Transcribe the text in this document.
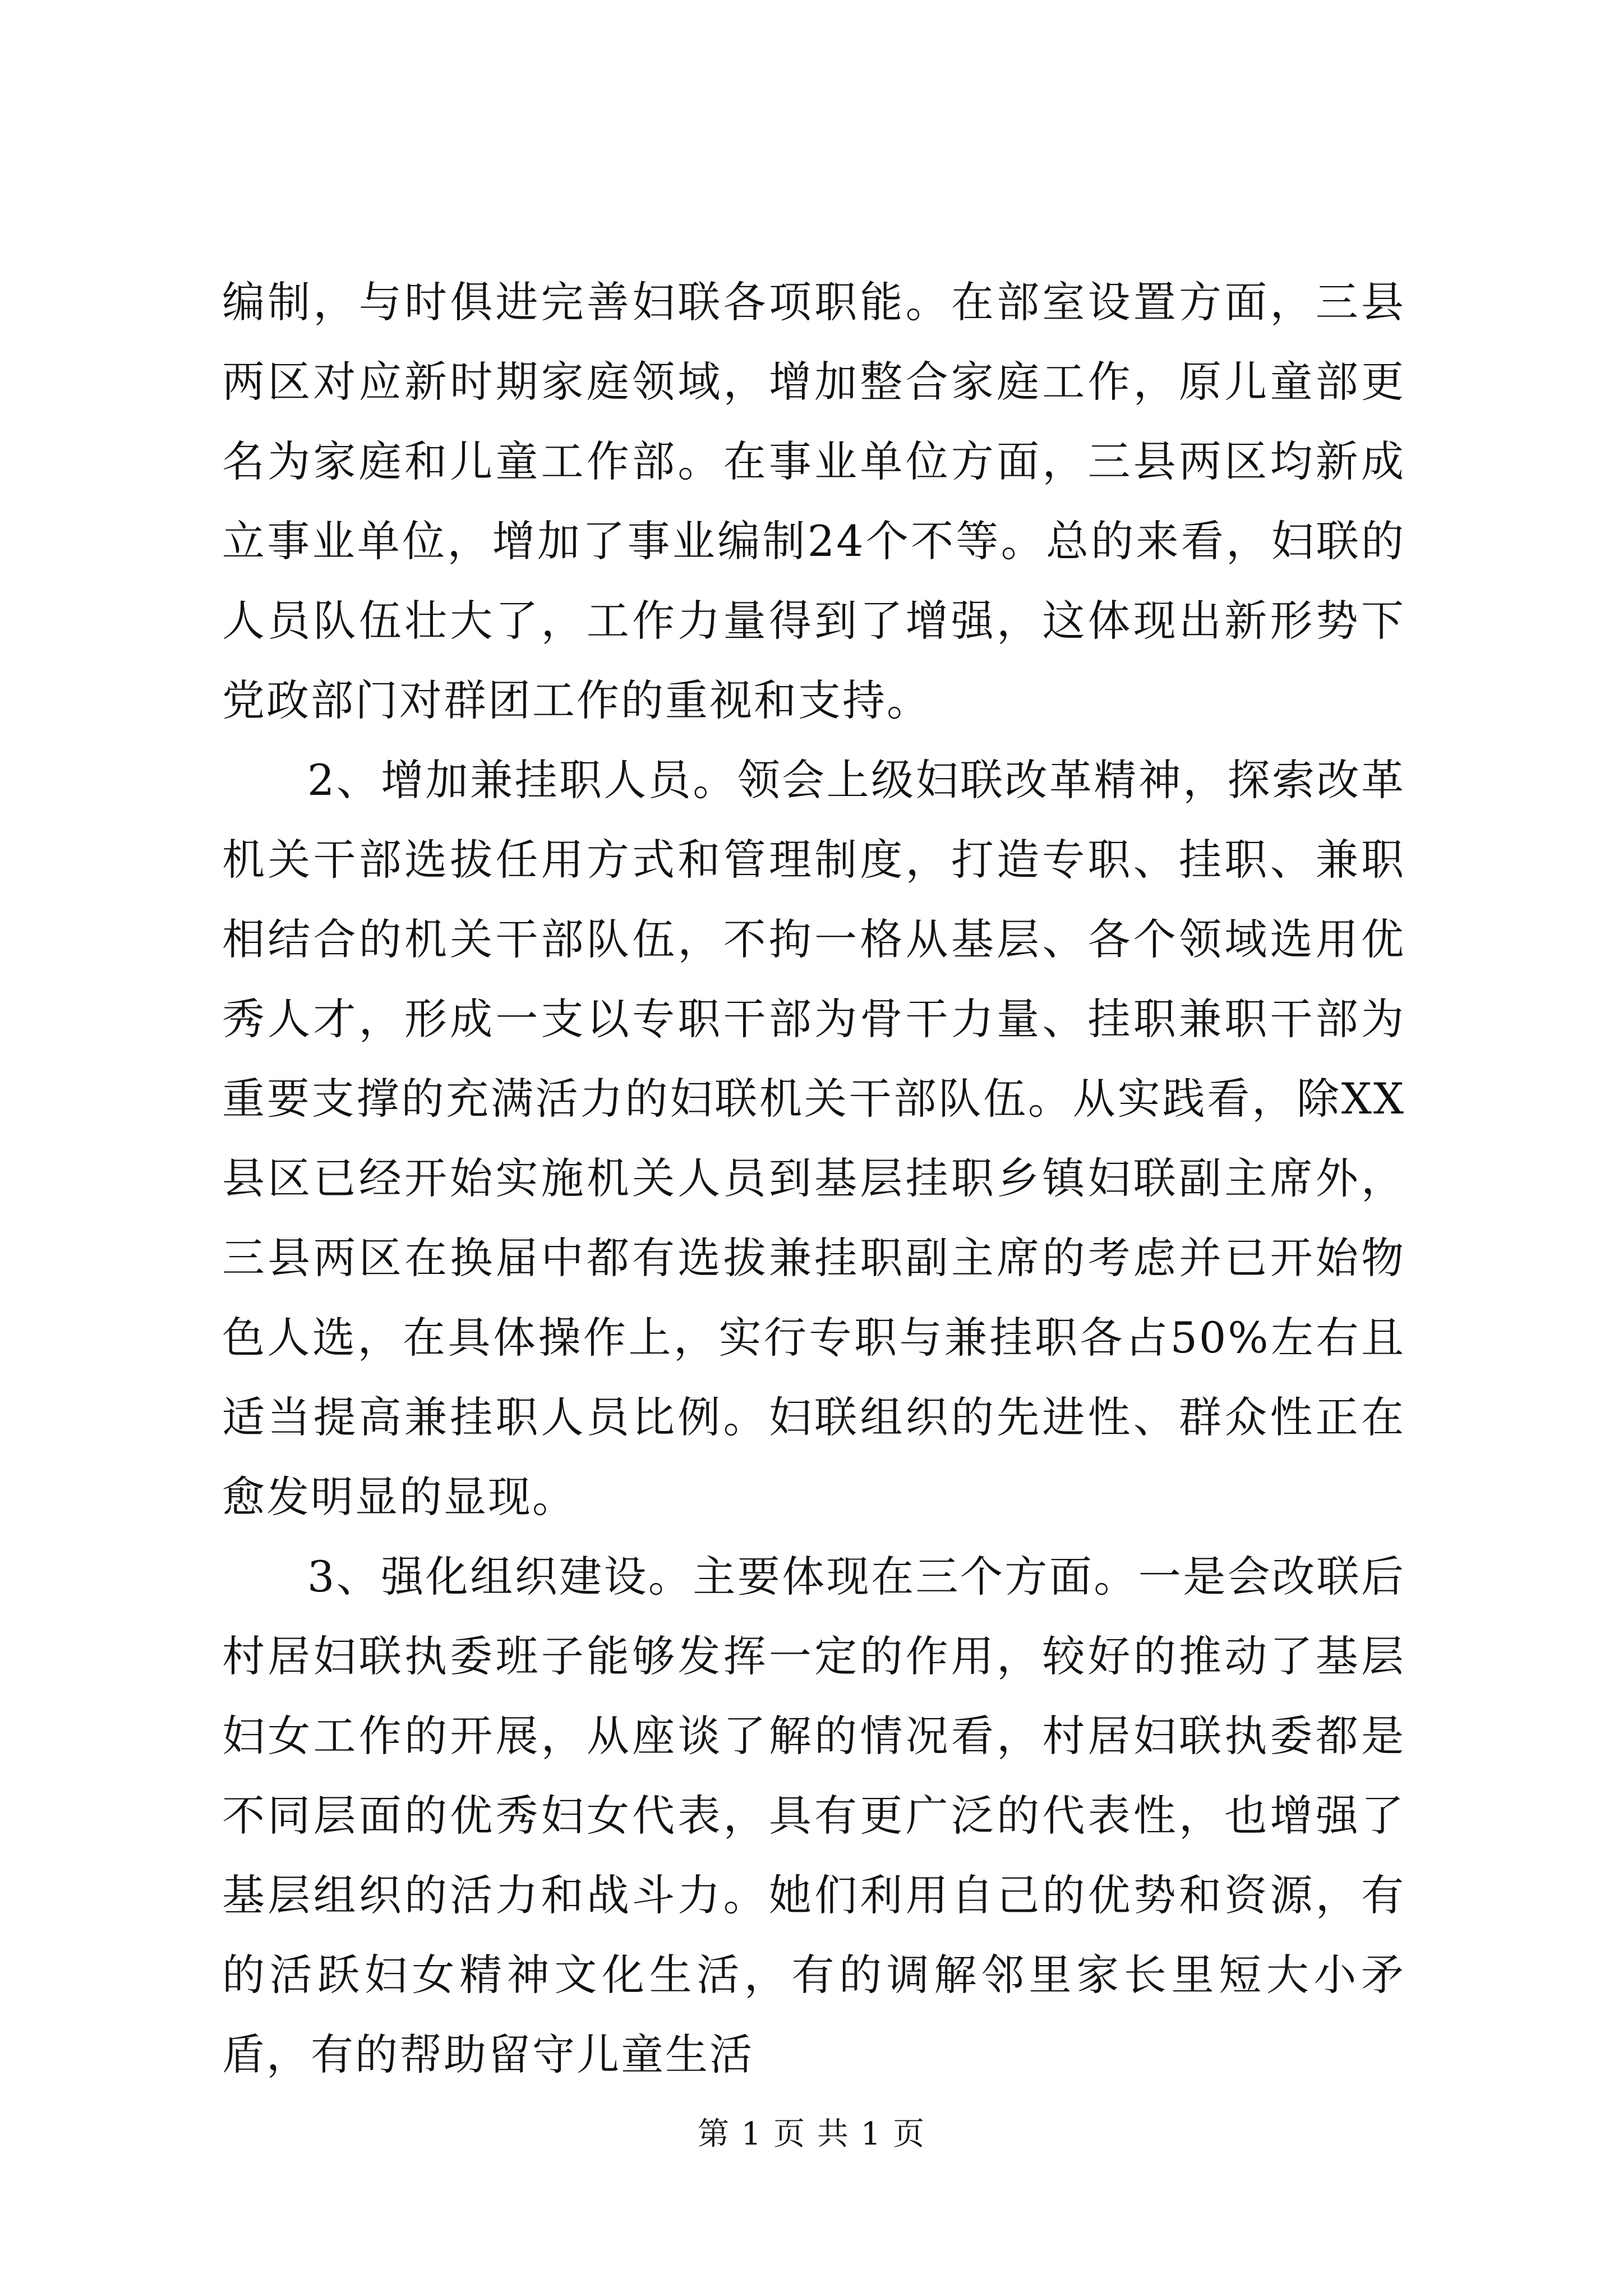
编制，与时俱进完善妇联各项职能。在部室设置方面，三县两区对应新时期家庭领域，增加整合家庭工作，原儿童部更名为家庭和儿童工作部。在事业单位方面，三县两区均新成立事业单位，增加了事业编制24个不等。总的来看，妇联的人员队伍壮大了，工作力量得到了增强，这体现出新形势下党政部门对群团工作的重视和支持。

2、增加兼挂职人员。领会上级妇联改革精神，探索改革机关干部选拔任用方式和管理制度，打造专职、挂职、兼职相结合的机关干部队伍，不拘一格从基层、各个领域选用优秀人才，形成一支以专职干部为骨干力量、挂职兼职干部为重要支撑的充满活力的妇联机关干部队伍。从实践看，除XX县区已经开始实施机关人员到基层挂职乡镇妇联副主席外，三县两区在换届中都有选拔兼挂职副主席的考虑并已开始物色人选，在具体操作上，实行专职与兼挂职各占50%左右且适当提高兼挂职人员比例。妇联组织的先进性、群众性正在愈发明显的显现。

3、强化组织建设。主要体现在三个方面。一是会改联后村居妇联执委班子能够发挥一定的作用，较好的推动了基层妇女工作的开展，从座谈了解的情况看，村居妇联执委都是不同层面的优秀妇女代表，具有更广泛的代表性，也增强了基层组织的活力和战斗力。她们利用自己的优势和资源，有的活跃妇女精神文化生活，有的调解邻里家长里短大小矛盾，有的帮助留守儿童生活

第 1 页 共 1 页
